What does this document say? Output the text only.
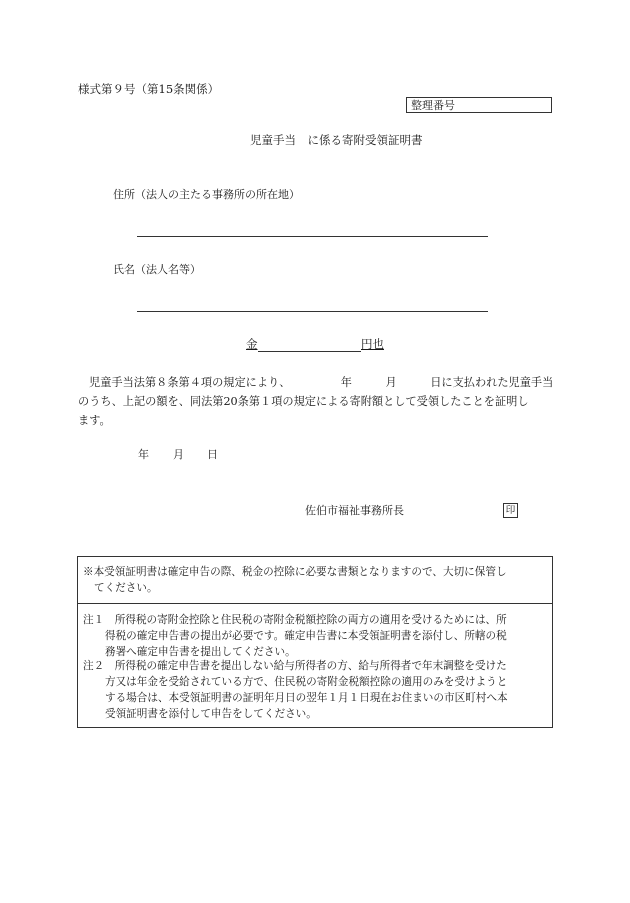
様式第９号（第15条関係）
整理番号
児童手当　に係る寄附受領証明書
住所（法人の主たる事務所の所在地）
氏名（法人名等）
金	円也
児童手当法第８条第４項の規定により、　　　　　年　　　月　　　日に支払われた児童手当
のうち、上記の額を、同法第20条第１項の規定による寄附額として受領したことを証明し
ます。
年 月 日
佐伯市福祉事務所長	印
※本受領証明書は確定申告の際、税金の控除に必要な書類となりますので、大切に保管し
てください。
注１　所得税の寄附金控除と住民税の寄附金税額控除の両方の適用を受けるためには、所
得税の確定申告書の提出が必要です。確定申告書に本受領証明書を添付し、所轄の税
務署へ確定申告書を提出してください。
注２　所得税の確定申告書を提出しない給与所得者の方、給与所得者で年末調整を受けた
方又は年金を受給されている方で、住民税の寄附金税額控除の適用のみを受けようと
する場合は、本受領証明書の証明年月日の翌年１月１日現在お住まいの市区町村へ本
受領証明書を添付して申告をしてください。
